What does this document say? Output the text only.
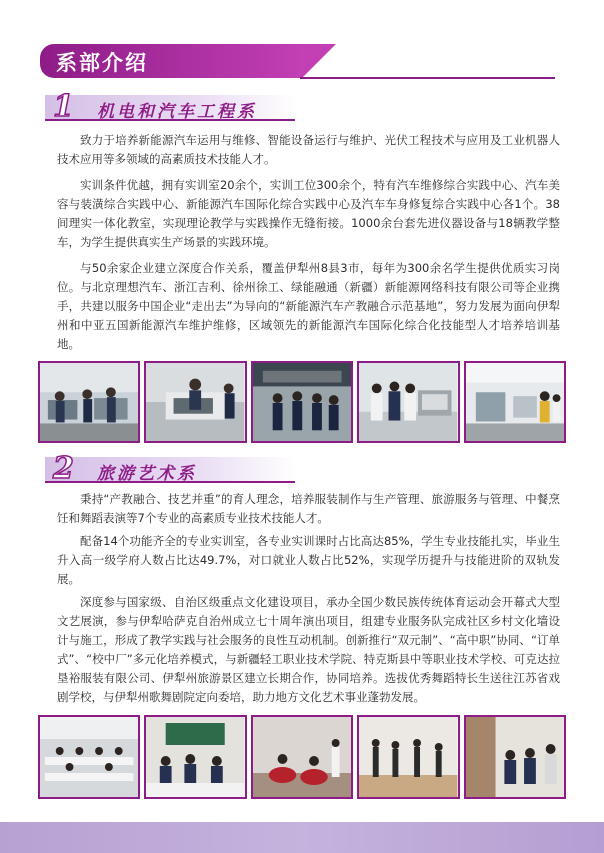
系部介绍
1 机电和汽车工程系

致力于培养新能源汽车运用与维修、智能设备运行与维护、光伏工程技术与应用及工业机器人技术应用等多领域的高素质技术技能人才。

实训条件优越，拥有实训室20余个，实训工位300余个，特有汽车维修综合实践中心、汽车美容与装潢综合实践中心、新能源汽车国际化综合实践中心及汽车车身修复综合实践中心各1个。38间理实一体化教室，实现理论教学与实践操作无缝衔接。1000余台套先进仪器设备与18辆教学整车，为学生提供真实生产场景的实践环境。

与50余家企业建立深度合作关系，覆盖伊犁州8县3市，每年为300余名学生提供优质实习岗位。与北京理想汽车、浙江吉利、徐州徐工、绿能融通（新疆）新能源网络科技有限公司等企业携手，共建以服务中国企业“走出去”为导向的“新能源汽车产教融合示范基地”，努力发展为面向伊犁州和中亚五国新能源汽车维护维修，区域领先的新能源汽车国际化综合化技能型人才培养培训基地。

2 旅游艺术系

秉持“产教融合、技艺并重”的育人理念，培养服装制作与生产管理、旅游服务与管理、中餐烹饪和舞蹈表演等7个专业的高素质专业技术技能人才。

配备14个功能齐全的专业实训室，各专业实训课时占比高达85%，学生专业技能扎实，毕业生升入高一级学府人数占比达49.7%，对口就业人数占比52%，实现学历提升与技能进阶的双轨发展。

深度参与国家级、自治区级重点文化建设项目，承办全国少数民族传统体育运动会开幕式大型文艺展演，参与伊犁哈萨克自治州成立七十周年演出项目，组建专业服务队完成社区乡村文化墙设计与施工，形成了教学实践与社会服务的良性互动机制。创新推行“双元制”、“高中职”协同、“订单式”、“校中厂”多元化培养模式，与新疆轻工职业技术学院、特克斯县中等职业技术学校、可克达拉垦裕服装有限公司、伊犁州旅游景区建立长期合作，协同培养。选拔优秀舞蹈特长生送往江苏省戏剧学校，与伊犁州歌舞剧院定向委培，助力地方文化艺术事业蓬勃发展。
